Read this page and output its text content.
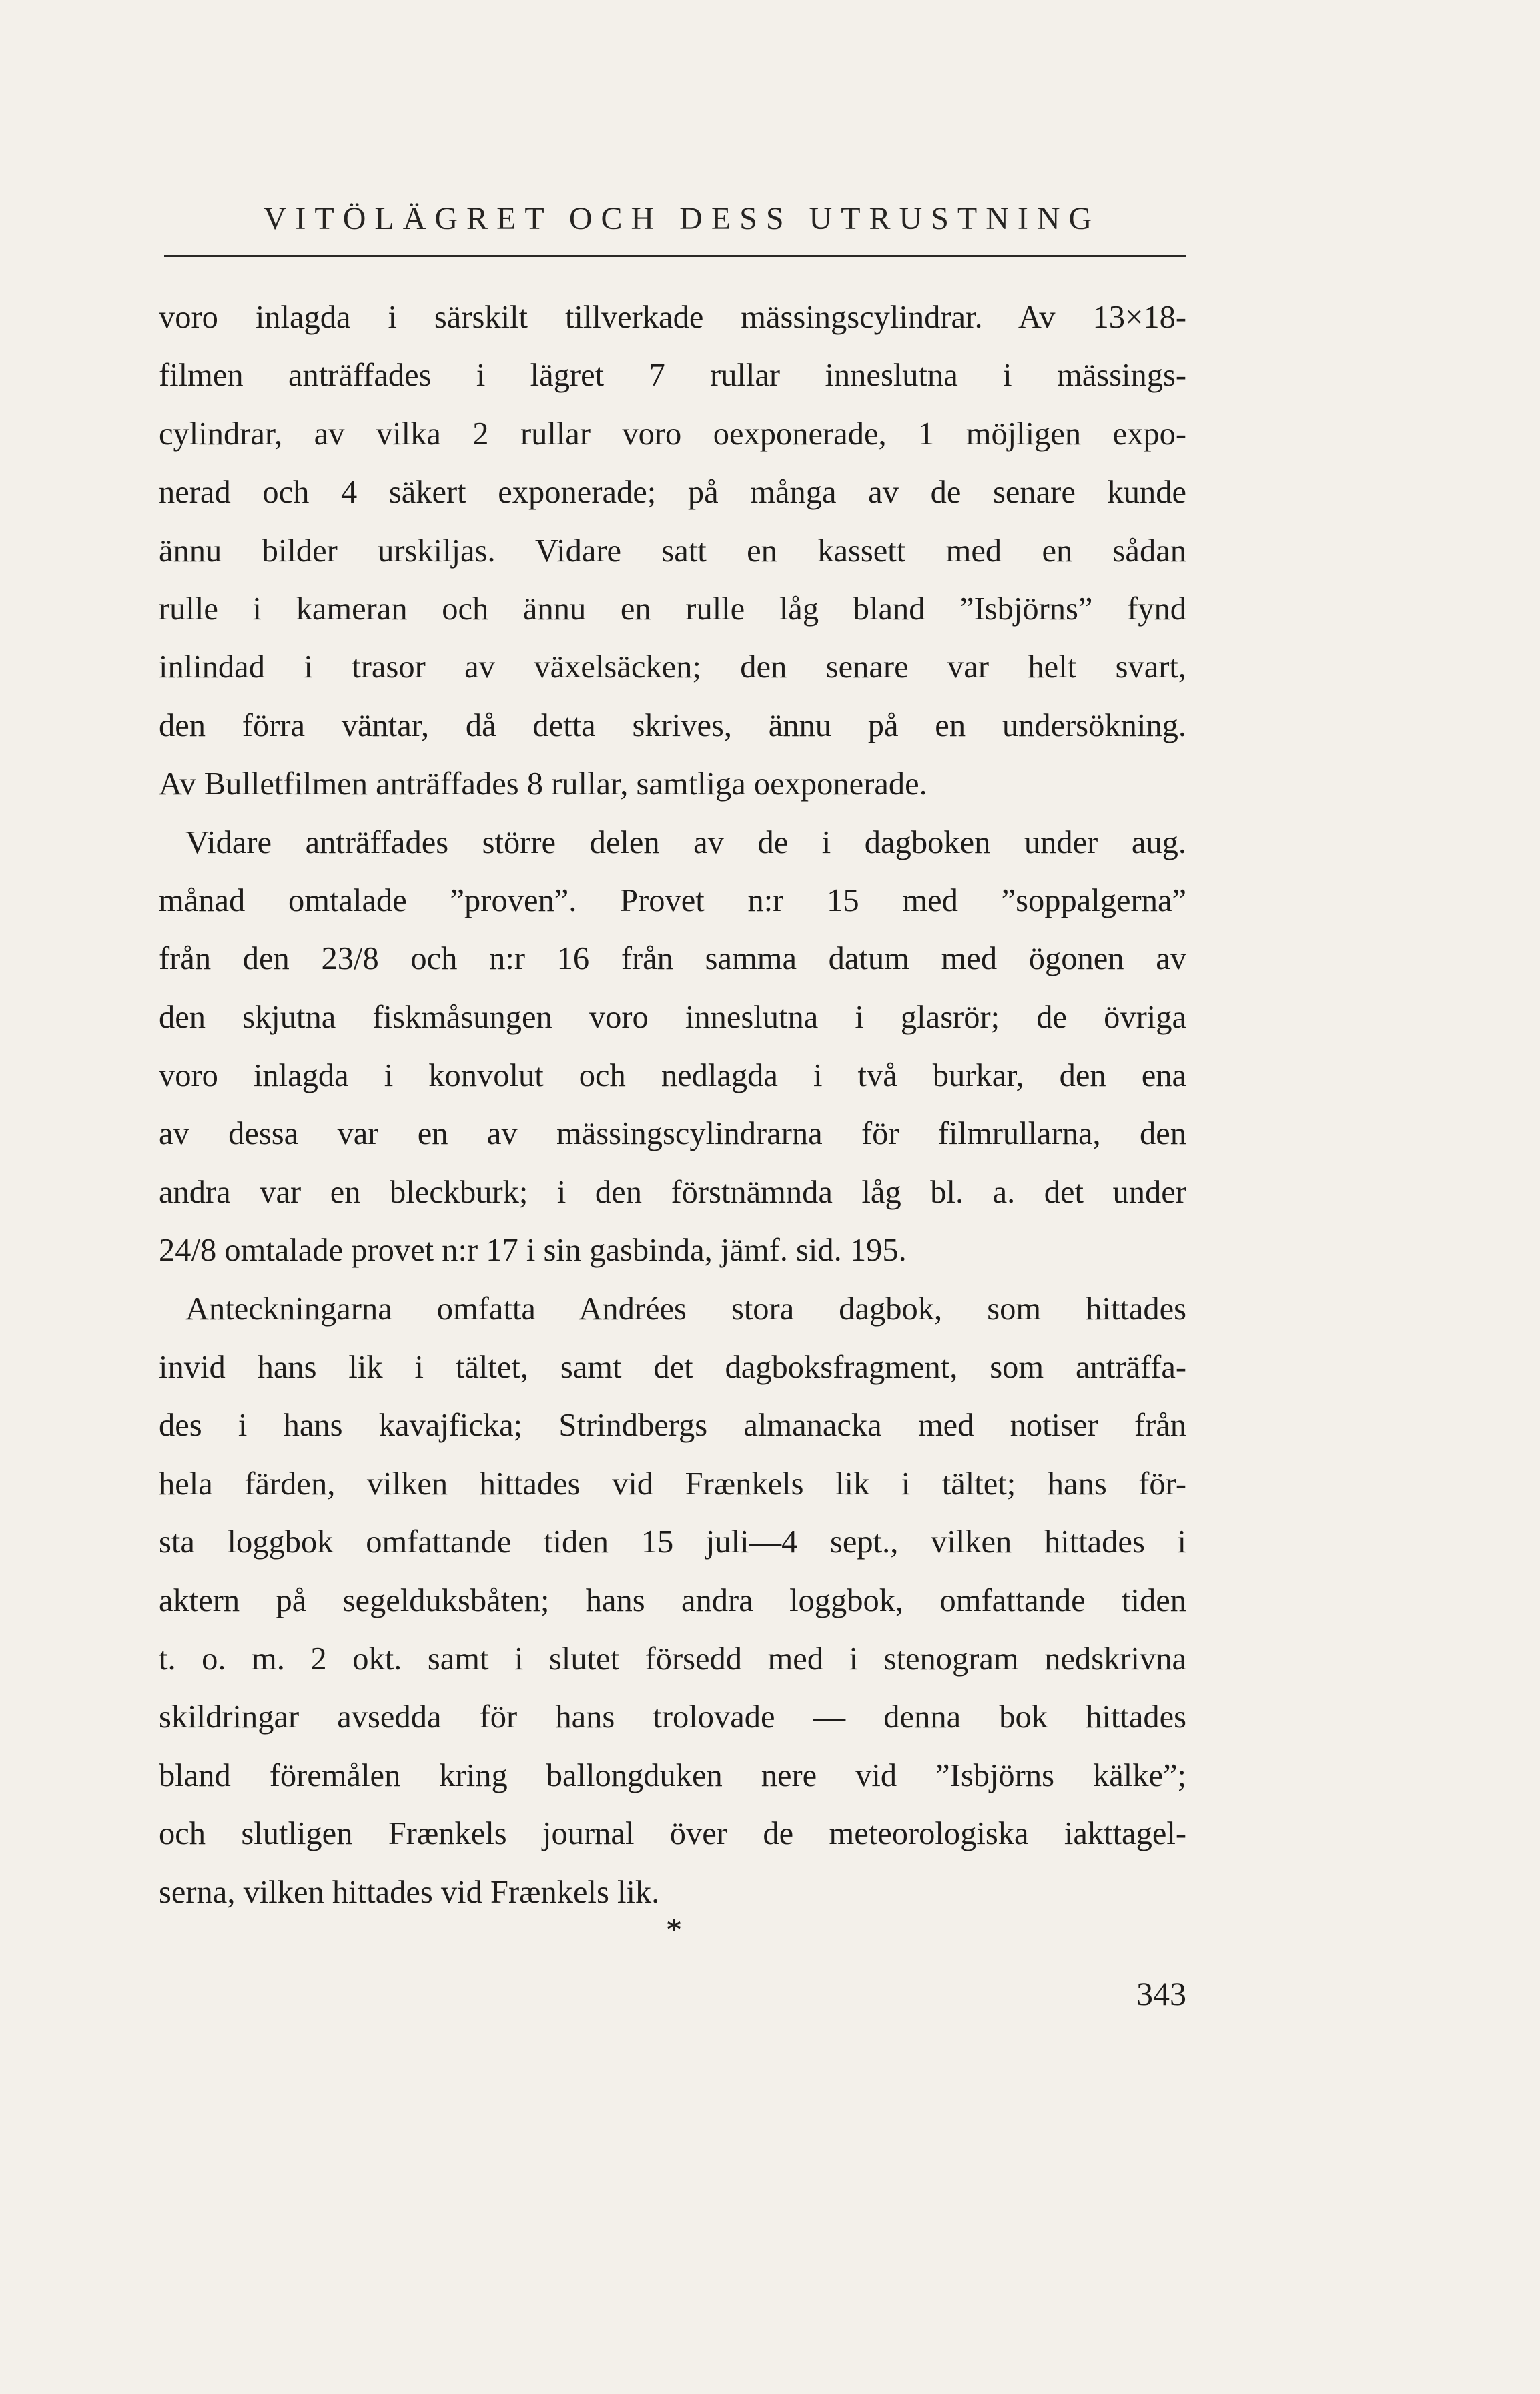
VITÖLÄGRET OCH DESS UTRUSTNING
voro inlagda i särskilt tillverkade mässingscylindrar. Av 13×18-
filmen anträffades i lägret 7 rullar inneslutna i mässings-
cylindrar, av vilka 2 rullar voro oexponerade, 1 möjligen expo-
nerad och 4 säkert exponerade; på många av de senare kunde
ännu bilder urskiljas. Vidare satt en kassett med en sådan
rulle i kameran och ännu en rulle låg bland ”Isbjörns” fynd
inlindad i trasor av växelsäcken; den senare var helt svart,
den förra väntar, då detta skrives, ännu på en undersökning.
Av Bulletfilmen anträffades 8 rullar, samtliga oexponerade.
Vidare anträffades större delen av de i dagboken under aug.
månad omtalade ”proven”. Provet n:r 15 med ”soppalgerna”
från den 23/8 och n:r 16 från samma datum med ögonen av
den skjutna fiskmåsungen voro inneslutna i glasrör; de övriga
voro inlagda i konvolut och nedlagda i två burkar, den ena
av dessa var en av mässingscylindrarna för filmrullarna, den
andra var en bleckburk; i den förstnämnda låg bl. a. det under
24/8 omtalade provet n:r 17 i sin gasbinda, jämf. sid. 195.
Anteckningarna omfatta Andrées stora dagbok, som hittades
invid hans lik i tältet, samt det dagboksfragment, som anträffa-
des i hans kavajficka; Strindbergs almanacka med notiser från
hela färden, vilken hittades vid Frænkels lik i tältet; hans för-
sta loggbok omfattande tiden 15 juli—4 sept., vilken hittades i
aktern på segelduksbåten; hans andra loggbok, omfattande tiden
t. o. m. 2 okt. samt i slutet försedd med i stenogram nedskrivna
skildringar avsedda för hans trolovade — denna bok hittades
bland föremålen kring ballongduken nere vid ”Isbjörns kälke”;
och slutligen Frænkels journal över de meteorologiska iakttagel-
serna, vilken hittades vid Frænkels lik.
*
343
